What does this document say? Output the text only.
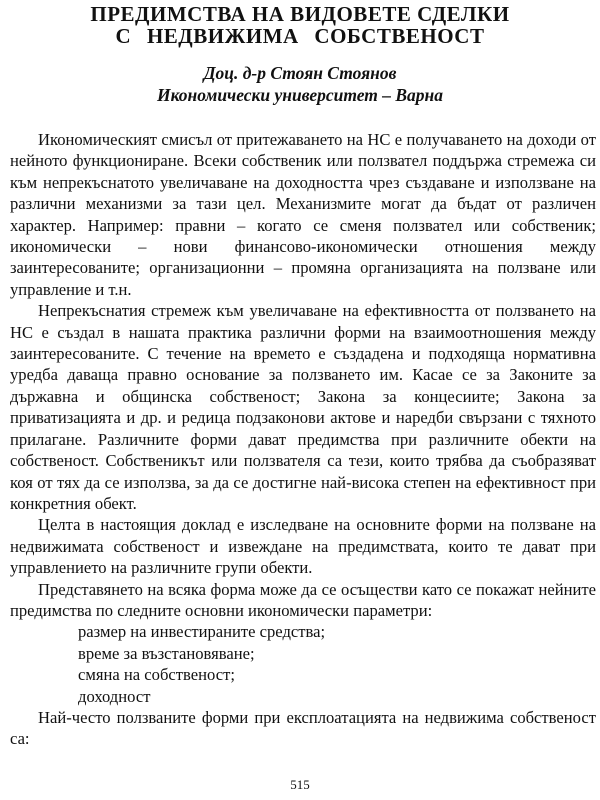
ПРЕДИМСТВА НА ВИДОВЕТЕ СДЕЛКИ
С НЕДВИЖИМА СОБСТВЕНОСТ
Доц. д-р Стоян Стоянов
Икономически университет – Варна

Икономическият смисъл от притежаването на НС е получаването на доходи от нейното функциониране. Всеки собственик или ползвател поддържа стремежа си към непрекъснатото увеличаване на доходността чрез създаване и използване на различни механизми за тази цел. Механизмите могат да бъдат от различен характер. Например: правни – когато се сменя ползвател или собственик; икономически – нови финансово-икономически отношения между заинтересованите; организационни – промяна организацията на ползване или управление и т.н.

Непрекъснатия стремеж към увеличаване на ефективността от ползването на НС е създал в нашата практика различни форми на взаимоотношения между заинтересованите. С течение на времето е създадена и подходяща нормативна уредба даваща правно основание за ползването им. Касае се за Законите за държавна и общинска собственост; Закона за концесиите; Закона за приватизацията и др. и редица подзаконови актове и наредби свързани с тяхното прилагане. Различните форми дават предимства при различните обекти на собственост. Собственикът или ползвателя са тези, които трябва да съобразяват коя от тях да се използва, за да се достигне най-висока степен на ефективност при конкретния обект.

Целта в настоящия доклад е изследване на основните форми на ползване на недвижимата собственост и извеждане на предимствата, които те дават при управлението на различните групи обекти.

Представянето на всяка форма може да се осъществи като се покажат нейните предимства по следните основни икономически параметри:

размер на инвестираните средства;

време за възстановяване;

смяна на собственост;

доходност

Най-често ползваните форми при експлоатацията на недвижима собственост са:

515
